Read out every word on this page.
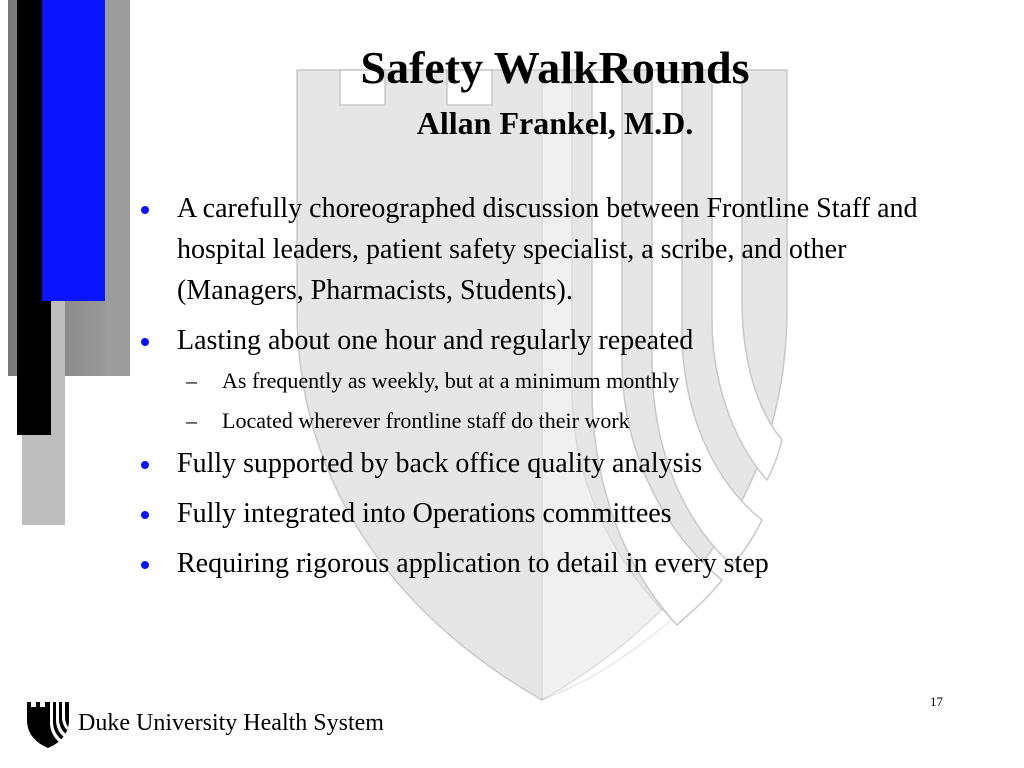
Safety WalkRounds
Allan Frankel, M.D.
A carefully choreographed discussion between Frontline Staff and hospital leaders, patient safety specialist, a scribe, and other (Managers, Pharmacists, Students).
Lasting about one hour and regularly repeated
– As frequently as weekly, but at a minimum monthly
– Located wherever frontline staff do their work
Fully supported by back office quality analysis
Fully integrated into Operations committees
Requiring rigorous application to detail in every step
Duke University Health System
17
